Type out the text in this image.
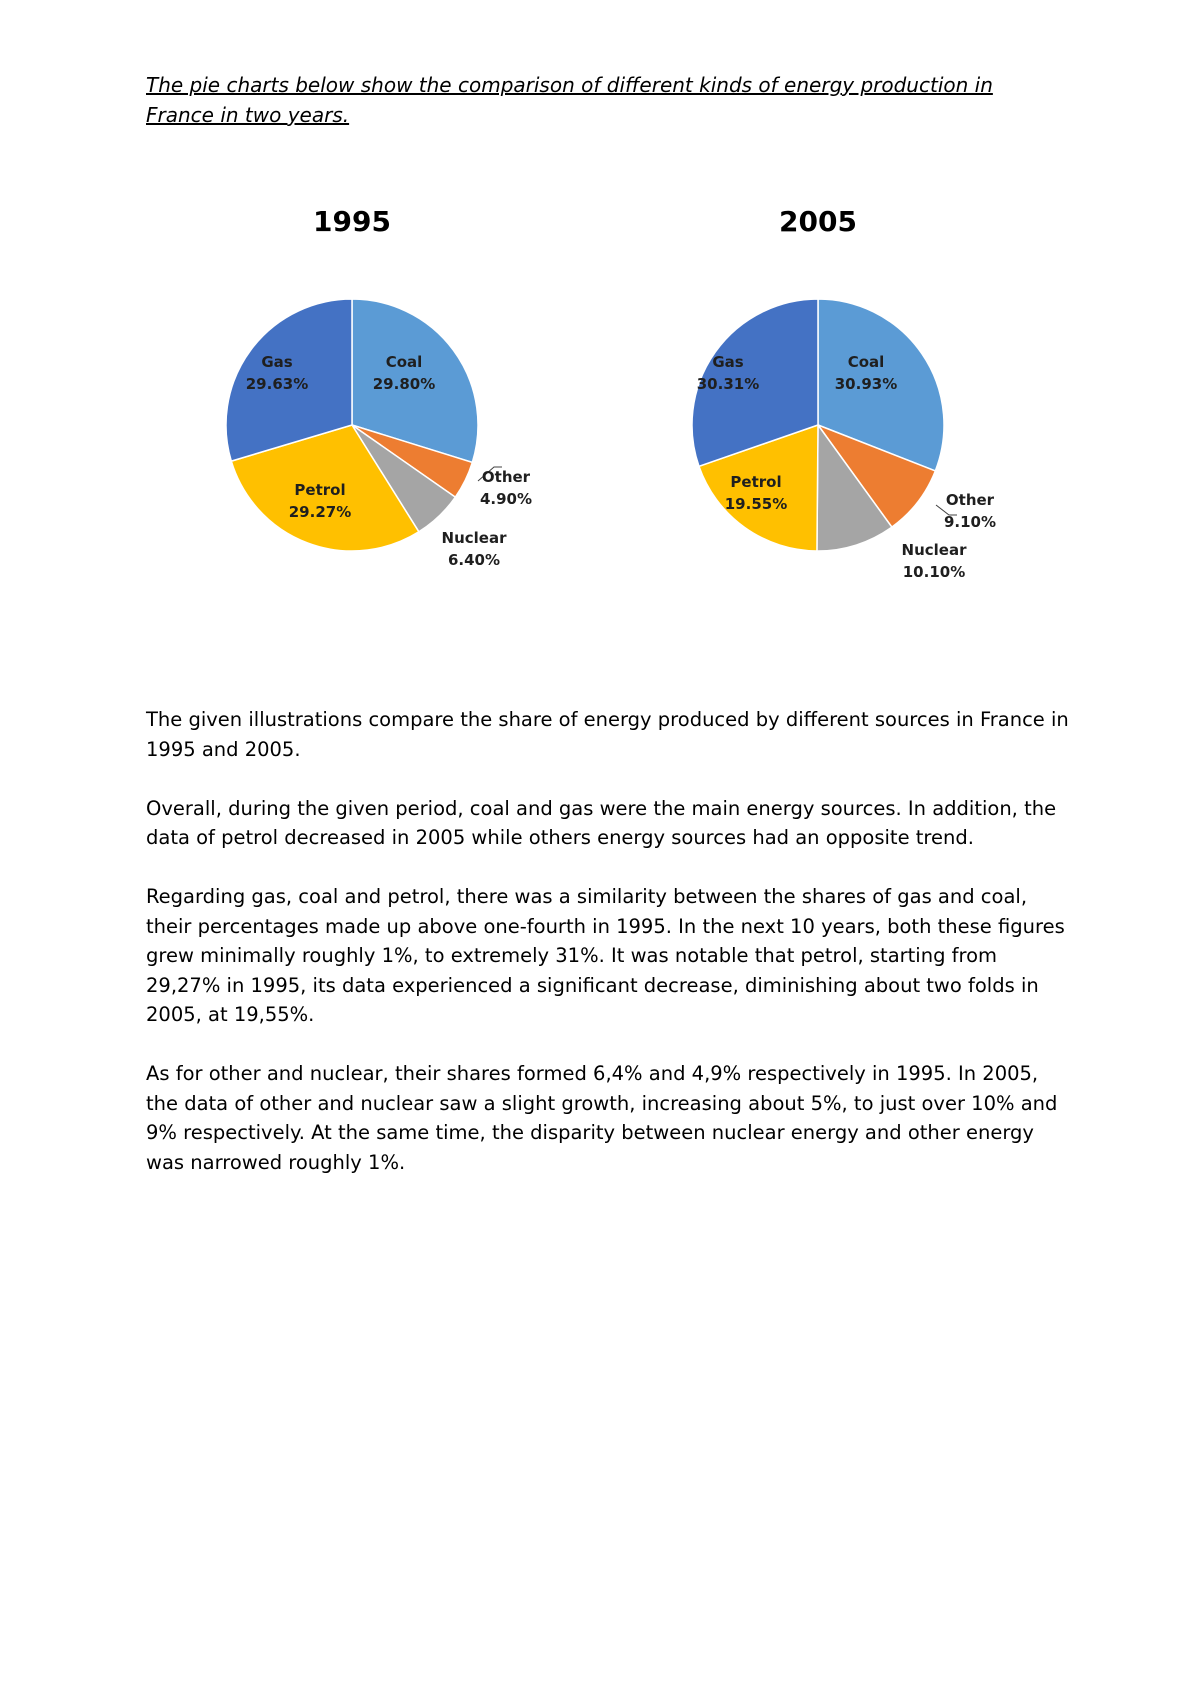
The pie charts below show the comparison of different kinds of energy production in France in two years.

1995
Coal 29.80%
Other 4.90%
Nuclear 6.40%
Petrol 29.27%
Gas 29.63%
2005
Coal 30.93%
Other 9.10%
Nuclear 10.10%
Petrol 19.55%
Gas 30.31%

The given illustrations compare the share of energy produced by different sources in France in 1995 and 2005.

Overall, during the given period, coal and gas were the main energy sources. In addition, the data of petrol decreased in 2005 while others energy sources had an opposite trend.

Regarding gas, coal and petrol, there was a similarity between the shares of gas and coal, their percentages made up above one-fourth in 1995. In the next 10 years, both these figures grew minimally roughly 1%, to extremely 31%. It was notable that petrol, starting from 29,27% in 1995, its data experienced a significant decrease, diminishing about two folds in 2005, at 19,55%.

As for other and nuclear, their shares formed 6,4% and 4,9% respectively in 1995. In 2005, the data of other and nuclear saw a slight growth, increasing about 5%, to just over 10% and 9% respectively. At the same time, the disparity between nuclear energy and other energy was narrowed roughly 1%.
